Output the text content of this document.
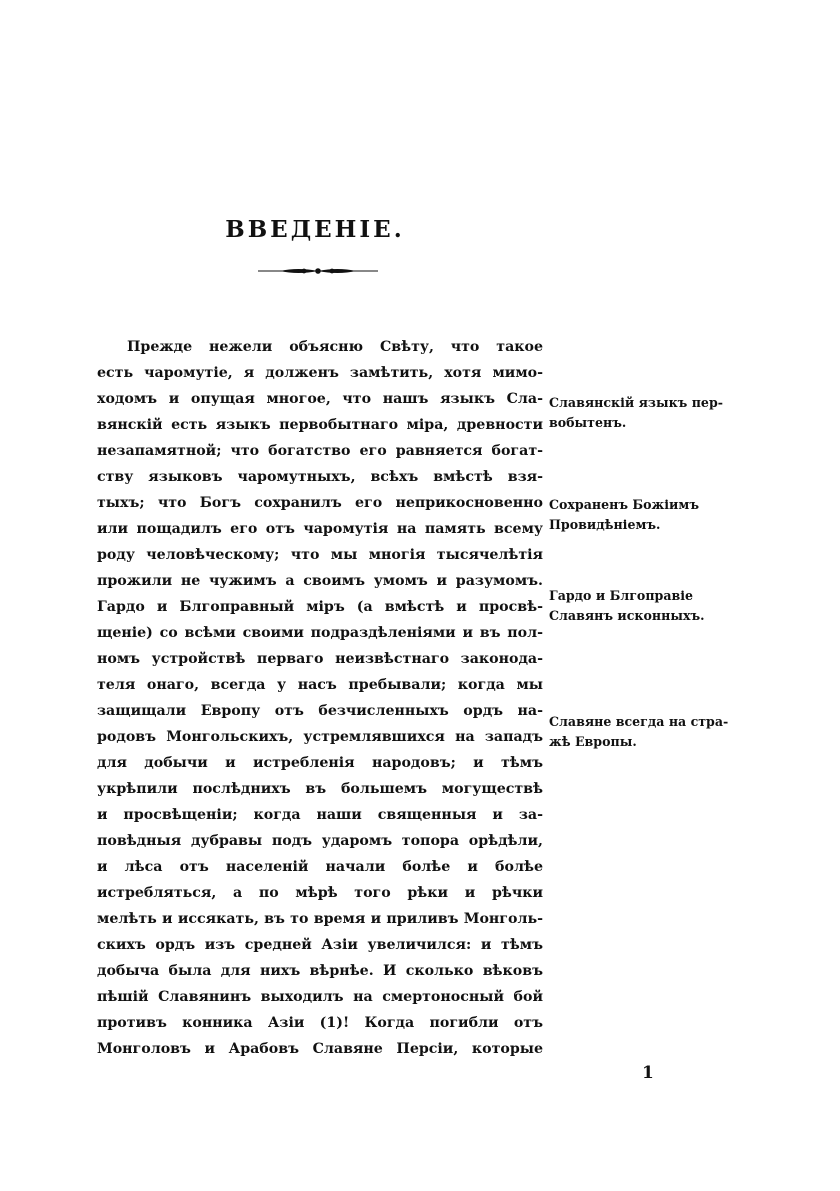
ВВЕДЕНІЕ.
Прежде нежели объясню Свѣту, что такое
есть чаромутіе, я долженъ замѣтить, хотя мимо-
ходомъ и опущая многое, что нашъ языкъ Сла-
вянскій есть языкъ первобытнаго міра, древности
незапамятной; что богатство его равняется богат-
ству языковъ чаромутныхъ, всѣхъ вмѣстѣ взя-
тыхъ; что Богъ сохранилъ его неприкосновенно
или пощадилъ его отъ чаромутія на память всему
роду человѣческому; что мы многія тысячелѣтія
прожили не чужимъ а своимъ умомъ и разумомъ.
Гардо и Блгоправный міръ (а вмѣстѣ и просвѣ-
щеніе) со всѣми своими подраздѣленіями и въ пол-
номъ устройствѣ перваго неизвѣстнаго законода-
теля онаго, всегда у насъ пребывали; когда мы
защищали Европу отъ безчисленныхъ ордъ на-
родовъ Монгольскихъ, устремлявшихся на западъ
для добычи и истребленія народовъ; и тѣмъ
укрѣпили послѣднихъ въ большемъ могуществѣ
и просвѣщеніи; когда наши священныя и за-
повѣдныя дубравы подъ ударомъ топора орѣдѣли,
и лѣса отъ населеній начали болѣе и болѣе
истребляться, а по мѣрѣ того рѣки и рѣчки
мелѣть и иссякать, въ то время и приливъ Монголь-
скихъ ордъ изъ средней Азіи увеличился: и тѣмъ
добыча была для нихъ вѣрнѣе. И сколько вѣковъ
пѣшій Славянинъ выходилъ на смертоносный бой
противъ конника Азіи (1)! Когда погибли отъ
Монголовъ и Арабовъ Славяне Персіи, которые
Славянскій языкъ пер-
вобытенъ.
Сохраненъ Божіимъ
Провидѣніемъ.
Гардо и Блгоправіе
Славянъ исконныхъ.
Славяне всегда на стра-
жѣ Европы.
1
